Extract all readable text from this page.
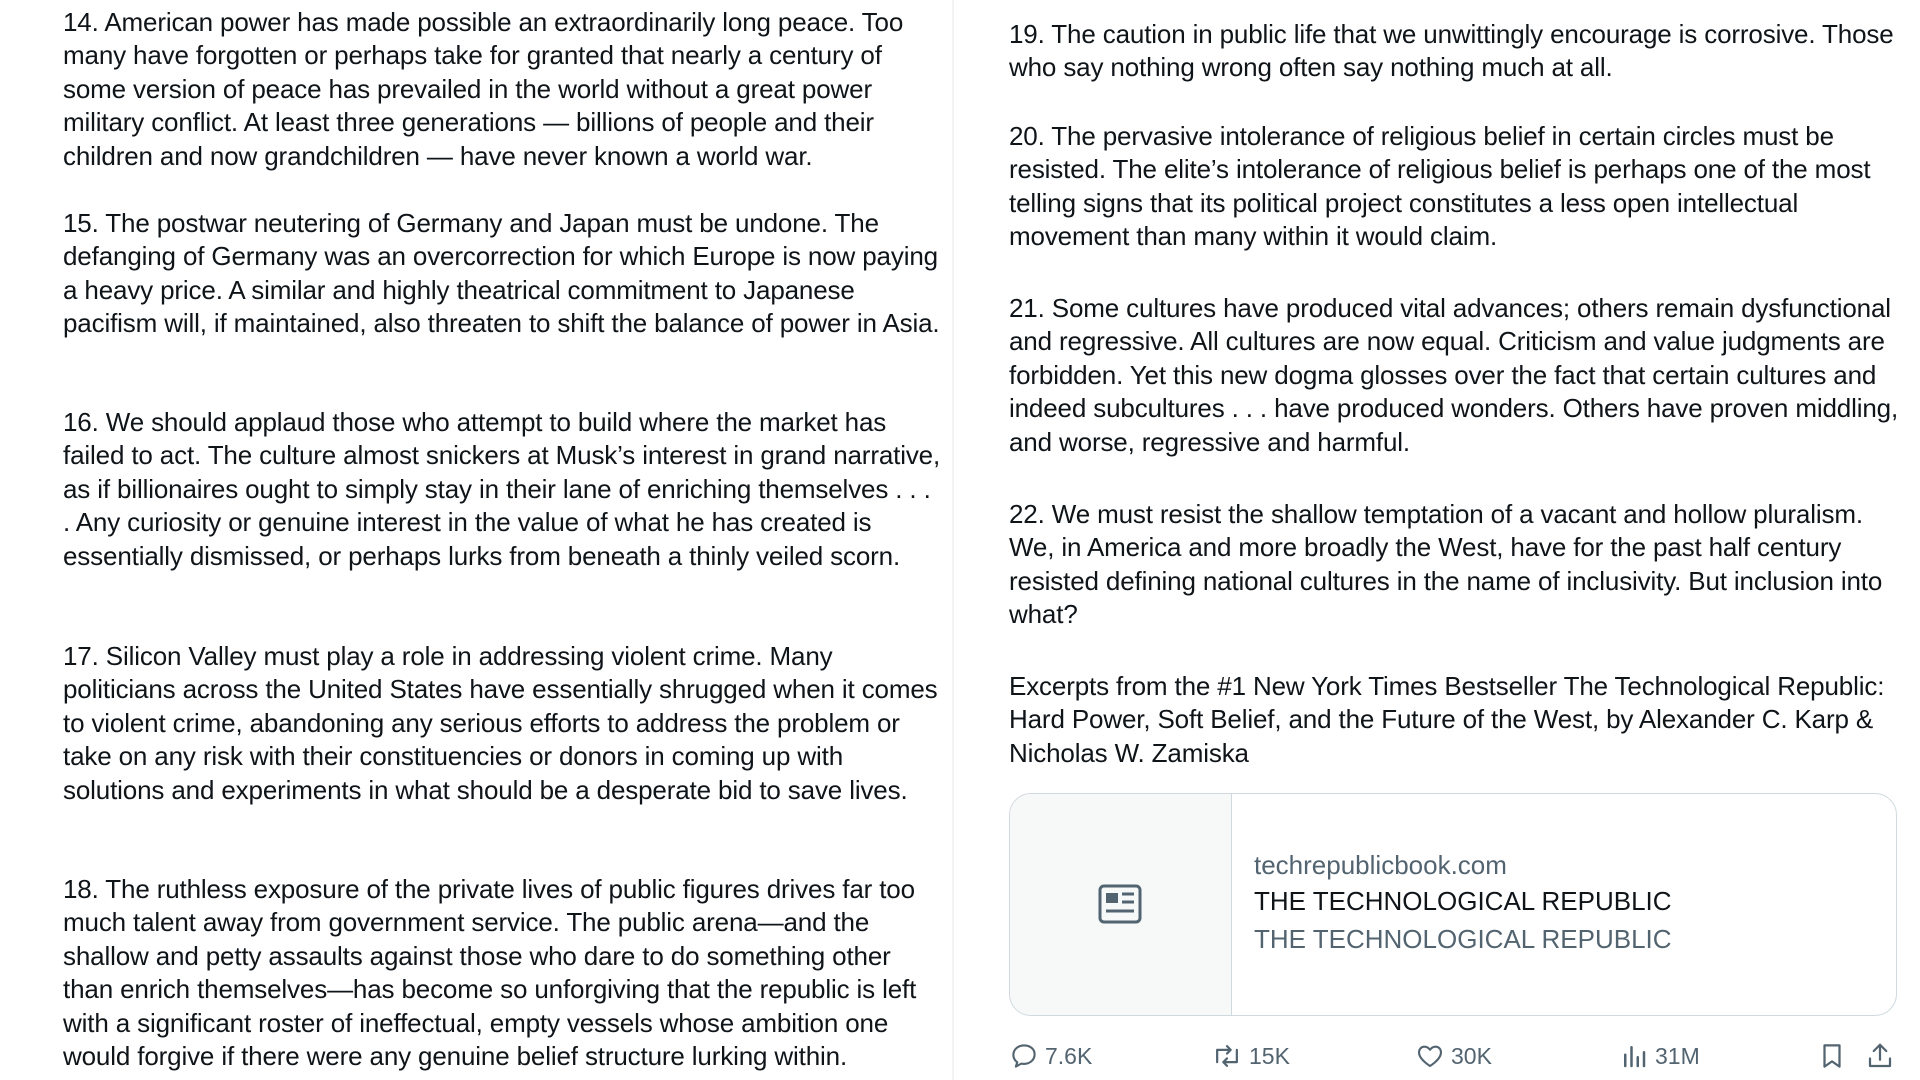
14. American power has made possible an extraordinarily long peace. Too many have forgotten or perhaps take for granted that nearly a century of some version of peace has prevailed in the world without a great power military conflict. At least three generations — billions of people and their children and now grandchildren — have never known a world war.

15. The postwar neutering of Germany and Japan must be undone. The defanging of Germany was an overcorrection for which Europe is now paying a heavy price. A similar and highly theatrical commitment to Japanese pacifism will, if maintained, also threaten to shift the balance of power in Asia.

16. We should applaud those who attempt to build where the market has failed to act. The culture almost snickers at Musk’s interest in grand narrative, as if billionaires ought to simply stay in their lane of enriching themselves . . . . Any curiosity or genuine interest in the value of what he has created is essentially dismissed, or perhaps lurks from beneath a thinly veiled scorn.

17. Silicon Valley must play a role in addressing violent crime. Many politicians across the United States have essentially shrugged when it comes to violent crime, abandoning any serious efforts to address the problem or take on any risk with their constituencies or donors in coming up with solutions and experiments in what should be a desperate bid to save lives.

18. The ruthless exposure of the private lives of public figures drives far too much talent away from government service. The public arena—and the shallow and petty assaults against those who dare to do something other than enrich themselves—has become so unforgiving that the republic is left with a significant roster of ineffectual, empty vessels whose ambition one would forgive if there were any genuine belief structure lurking within.

19. The caution in public life that we unwittingly encourage is corrosive. Those who say nothing wrong often say nothing much at all.

20. The pervasive intolerance of religious belief in certain circles must be resisted. The elite’s intolerance of religious belief is perhaps one of the most telling signs that its political project constitutes a less open intellectual movement than many within it would claim.

21. Some cultures have produced vital advances; others remain dysfunctional and regressive. All cultures are now equal. Criticism and value judgments are forbidden. Yet this new dogma glosses over the fact that certain cultures and indeed subcultures . . . have produced wonders. Others have proven middling, and worse, regressive and harmful.

22. We must resist the shallow temptation of a vacant and hollow pluralism. We, in America and more broadly the West, have for the past half century resisted defining national cultures in the name of inclusivity. But inclusion into what?

Excerpts from the #1 New York Times Bestseller The Technological Republic: Hard Power, Soft Belief, and the Future of the West, by Alexander C. Karp & Nicholas W. Zamiska

techrepublicbook.com
THE TECHNOLOGICAL REPUBLIC
THE TECHNOLOGICAL REPUBLIC
7.6K	15K	30K	31M
